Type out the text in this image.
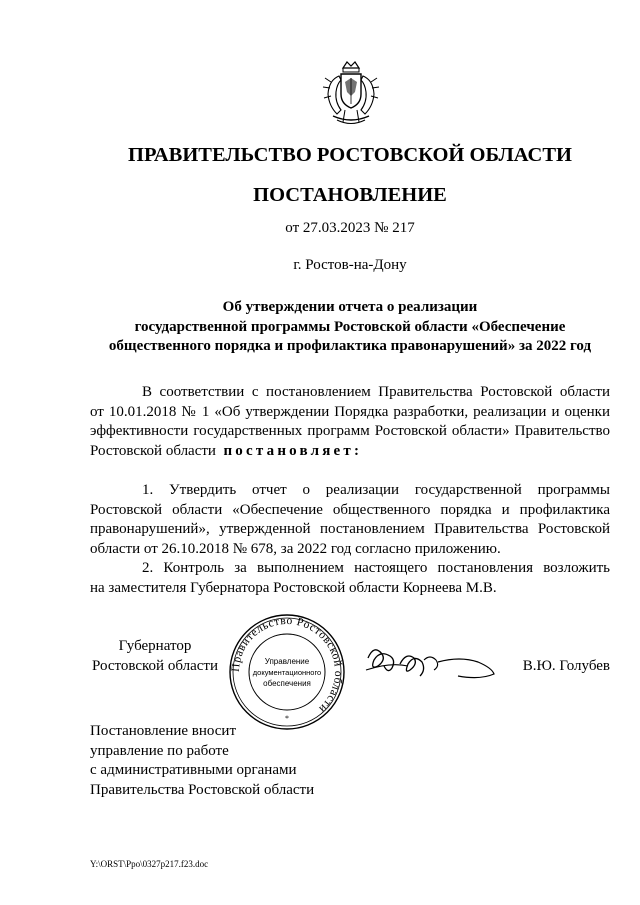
ПРАВИТЕЛЬСТВО РОСТОВСКОЙ ОБЛАСТИ
ПОСТАНОВЛЕНИЕ
от 27.03.2023 № 217
г. Ростов-на-Дону
Об утверждении отчета о реализации
государственной программы Ростовской области «Обеспечение
общественного порядка и профилактика правонарушений» за 2022 год
В соответствии с постановлением Правительства Ростовской области
от 10.01.2018 № 1 «Об утверждении Порядка разработки, реализации и оценки
эффективности государственных программ Ростовской области» Правительство
Ростовской области постановляет:
1. Утвердить отчет о реализации государственной программы
Ростовской области «Обеспечение общественного порядка и профилактика
правонарушений», утвержденной постановлением Правительства Ростовской
области от 26.10.2018 № 678, за 2022 год согласно приложению.
2. Контроль за выполнением настоящего постановления возложить
на заместителя Губернатора Ростовской области Корнеева М.В.
Губернатор
Ростовской области Правительство Ростовской области
Управление
документационного
обеспечения
*
В.Ю. Голубев
Постановление вносит
управление по работе
с административными органами
Правительства Ростовской области
Y:\ORST\Ppo\0327p217.f23.doc
